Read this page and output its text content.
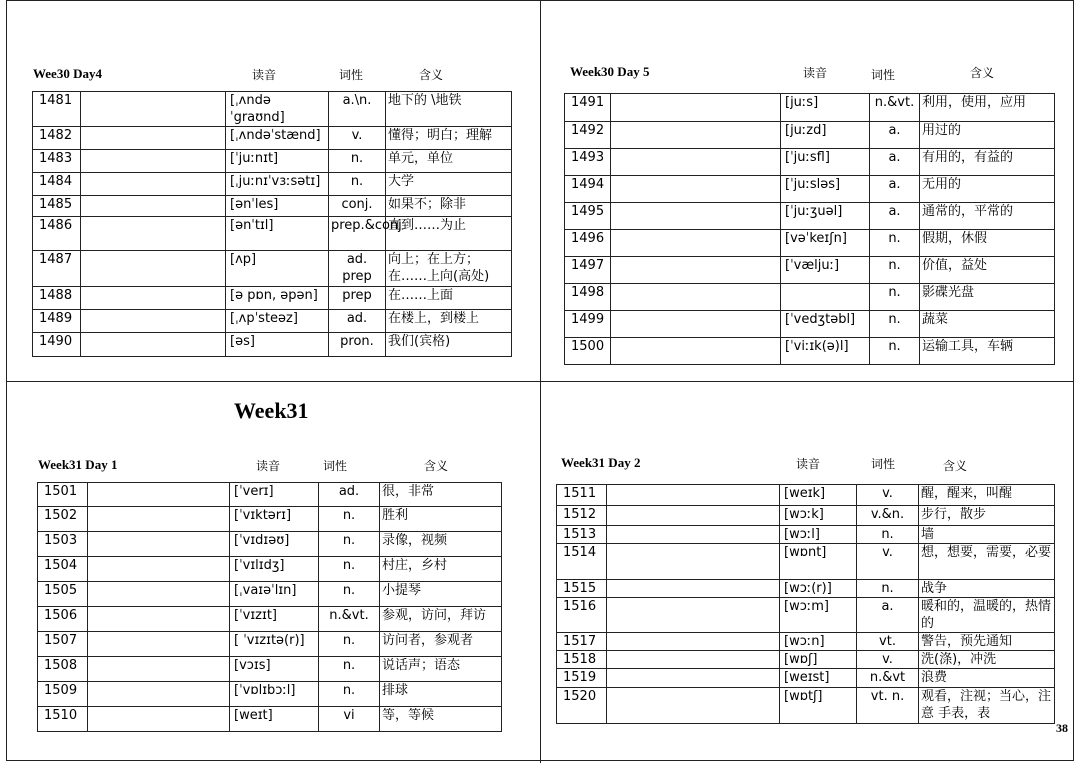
Wee30 Day4	读音	词性	含义
1481		[ˌʌndəˈgraʊnd]	a.\n.	地下的 \地铁
1482		[ˌʌndəˈstænd]	v.	懂得；明白；理解
1483		[ˈjuːnɪt]	n.	单元，单位
1484		[ˌjuːnɪˈvɜːsətɪ]	n.	大学
1485		[ənˈles]	conj.	如果不；除非
1486		[ənˈtɪl]	prep.&conj	直到……为止
1487		[ʌp]	ad. prep	向上；在上方；在……上向(高处)
1488		[ə pɒn, əpən]	prep	在……上面
1489		[ˌʌpˈsteəz]	ad.	在楼上，到楼上
1490		[əs]	pron.	我们(宾格)
Week30 Day 5	读音	词性	含义
1491		[juːs]	n.&vt.	利用，使用，应用
1492		[juːzd]	a.	用过的
1493		[ˈjuːsfl]	a.	有用的，有益的
1494		[ˈjuːsləs]	a.	无用的
1495		[ˈjuːʒuəl]	a.	通常的，平常的
1496		[vəˈkeɪʃn]	n.	假期，休假
1497		[ˈvæljuː]	n.	价值，益处
1498			n.	影碟光盘
1499		[ˈvedʒtəbl]	n.	蔬菜
1500		[ˈviːɪk(ə)l]	n.	运输工具，车辆
Week31
Week31 Day 1	读音	词性	含义
1501		[ˈverɪ]	ad.	很，非常
1502		[ˈvɪktərɪ]	n.	胜利
1503		[ˈvɪdɪəʊ]	n.	录像，视频
1504		[ˈvɪlɪdʒ]	n.	村庄，乡村
1505		[ˌvaɪəˈlɪn]	n.	小提琴
1506		[ˈvɪzɪt]	n.&vt.	参观，访问，拜访
1507		[ ˈvɪzɪtə(r)]	n.	访问者，参观者
1508		[vɔɪs]	n.	说话声；语态
1509		[ˈvɒlɪbɔːl]	n.	排球
1510		[weɪt]	vi	等，等候
Week31 Day 2	读音	词性	含义
1511		[weɪk]	v.	醒，醒来，叫醒
1512		[wɔːk]	v.&n.	步行，散步
1513		[wɔːl]	n.	墙
1514		[wɒnt]	v.	想，想要，需要，必要
1515		[wɔː(r)]	n.	战争
1516		[wɔːm]	a.	暖和的，温暖的，热情的
1517		[wɔːn]	vt.	警告，预先通知
1518		[wɒʃ]	v.	洗(涤)，冲洗
1519		[weɪst]	n.&vt	浪费
1520		[wɒtʃ]	vt. n.	观看，注视；当心，注意 手表，表
38
